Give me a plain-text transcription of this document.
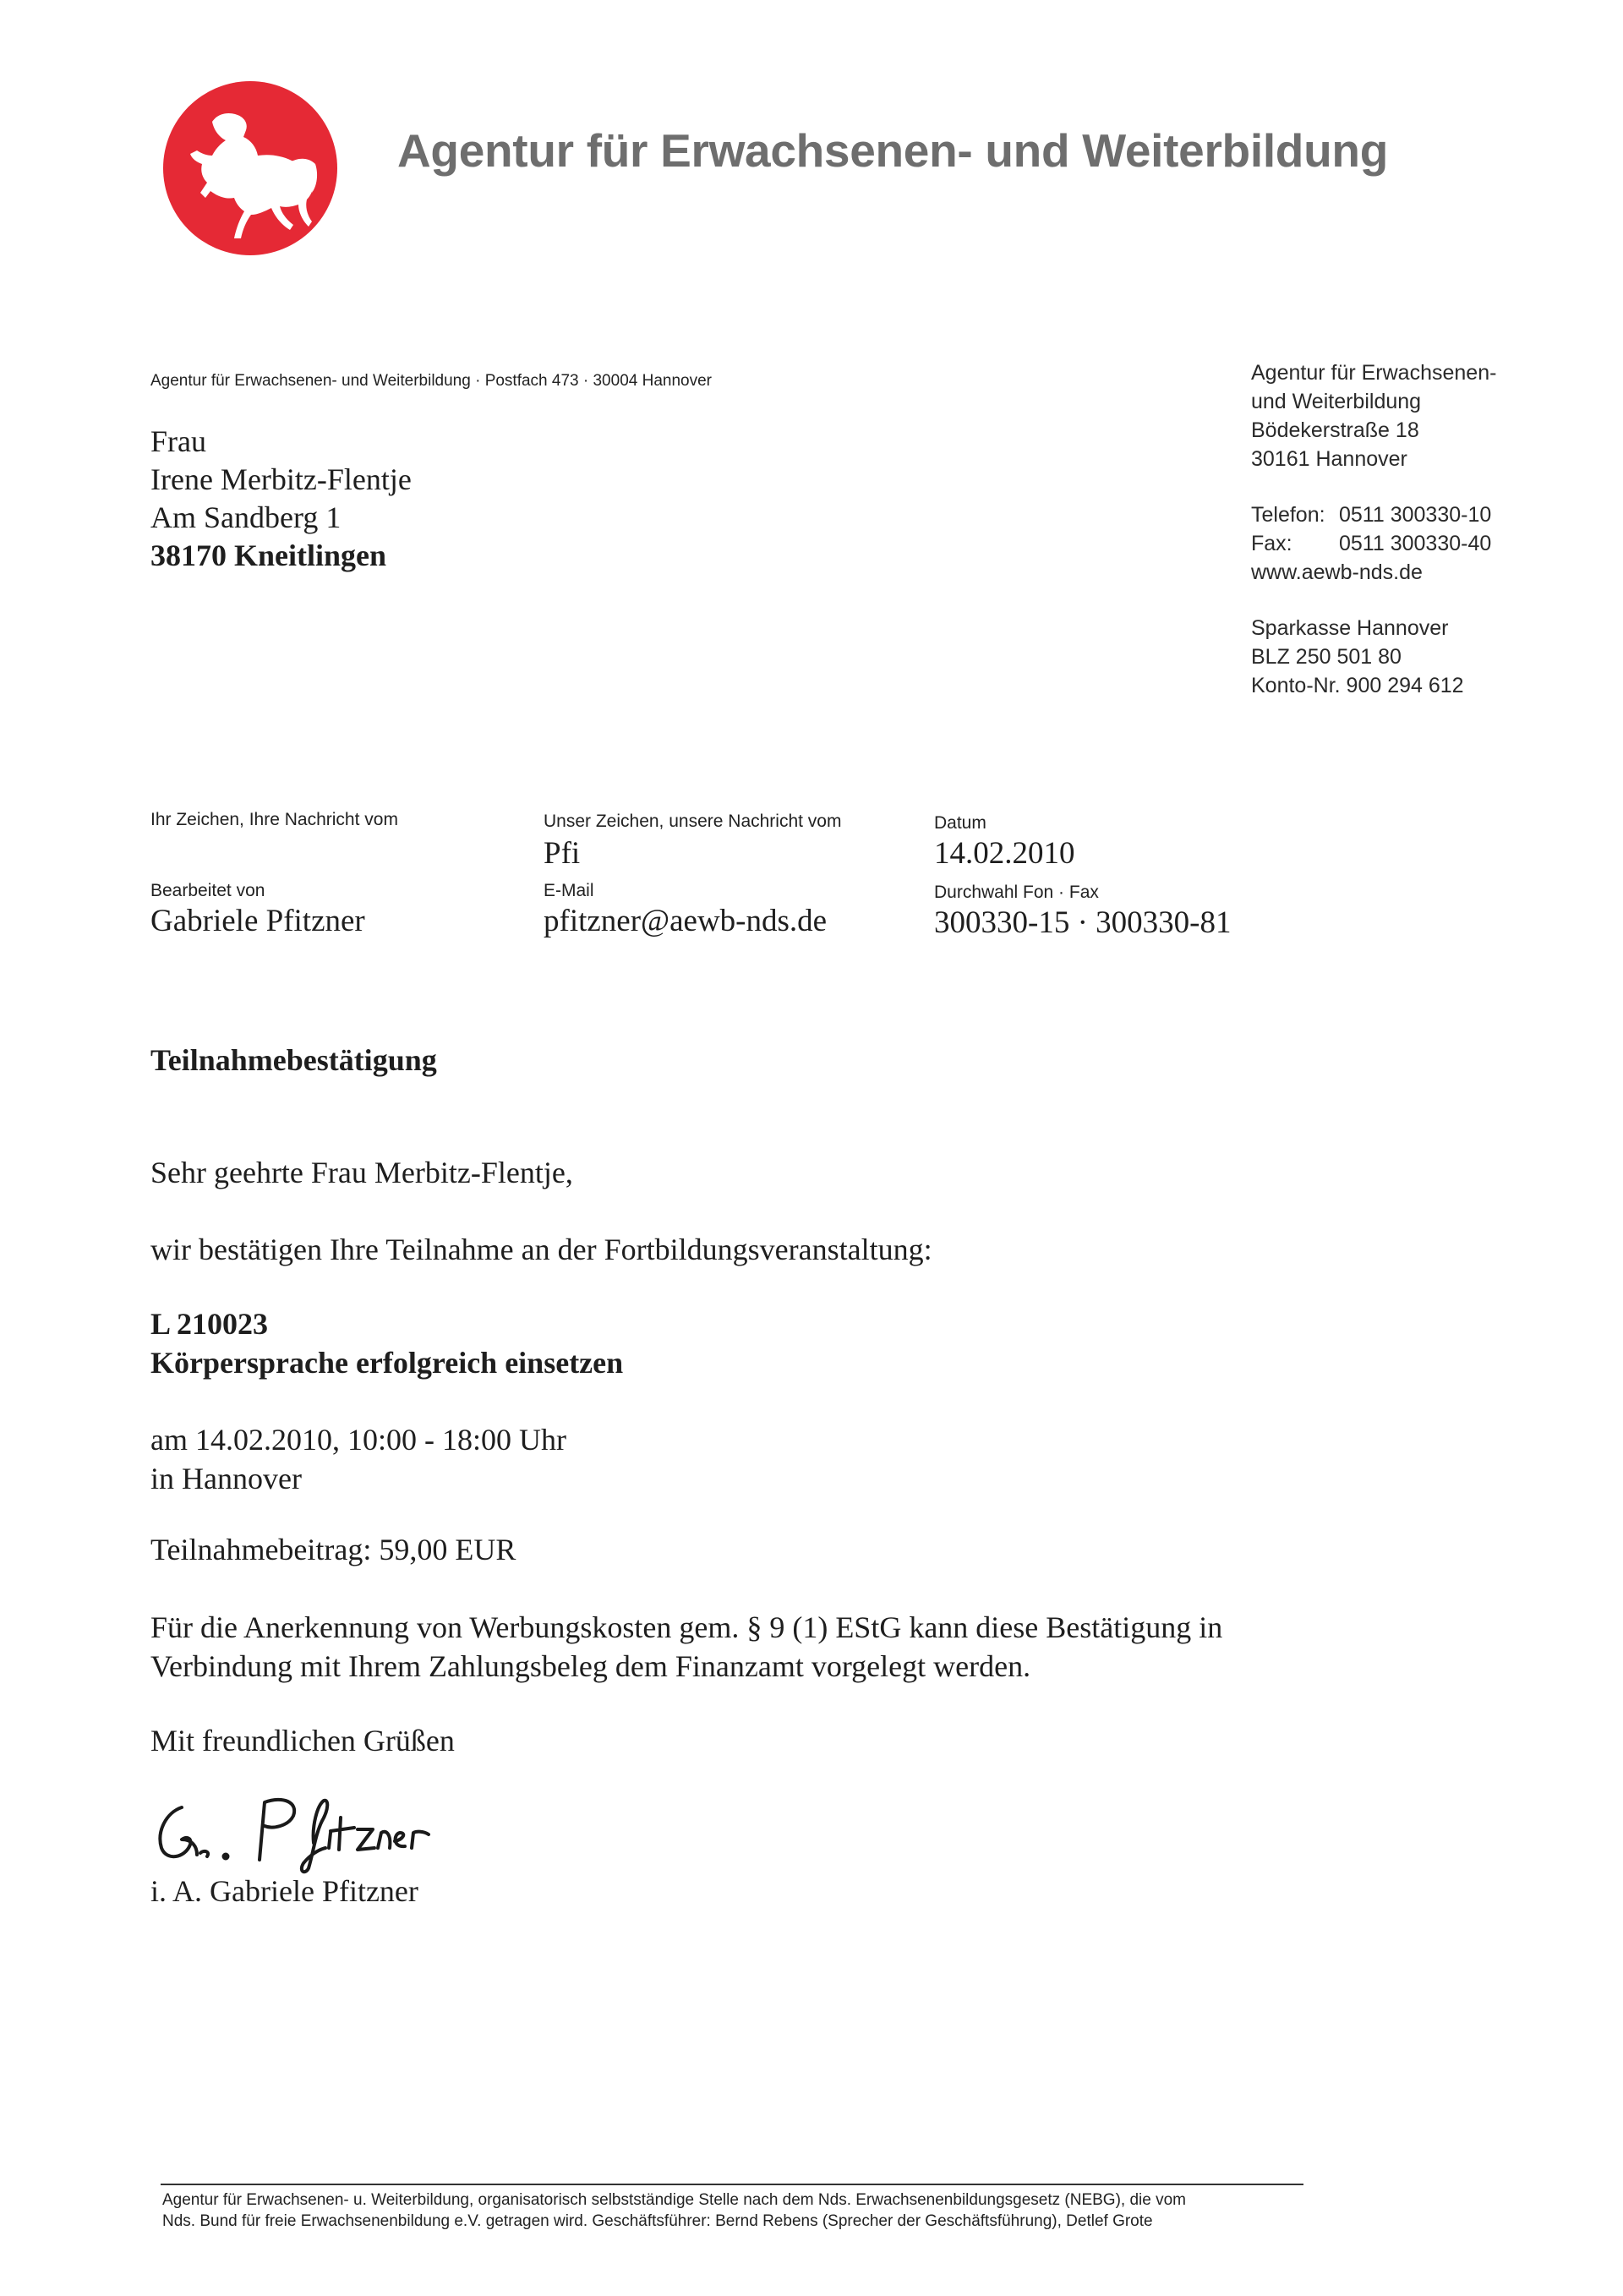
Agentur für Erwachsenen- und Weiterbildung
Agentur für Erwachsenen- und Weiterbildung · Postfach 473 · 30004 Hannover
Frau
Irene Merbitz-Flentje
Am Sandberg 1
38170 Kneitlingen
Agentur für Erwachsenen-
und Weiterbildung
Bödekerstraße 18
30161 Hannover
Telefon: 0511 300330-10
Fax: 0511 300330-40
www.aewb-nds.de
Sparkasse Hannover
BLZ 250 501 80
Konto-Nr. 900 294 612
Ihr Zeichen, Ihre Nachricht vom	Unser Zeichen, unsere Nachricht vom
Pfi
Datum
14.02.2010
Bearbeitet von
Gabriele Pfitzner
E-Mail
pfitzner@aewb-nds.de
Durchwahl Fon · Fax
300330-15 · 300330-81
Teilnahmebestätigung
Sehr geehrte Frau Merbitz-Flentje,
wir bestätigen Ihre Teilnahme an der Fortbildungsveranstaltung:
L 210023
Körpersprache erfolgreich einsetzen
am 14.02.2010, 10:00 - 18:00 Uhr
in Hannover
Teilnahmebeitrag: 59,00 EUR
Für die Anerkennung von Werbungskosten gem. § 9 (1) EStG kann diese Bestätigung in
Verbindung mit Ihrem Zahlungsbeleg dem Finanzamt vorgelegt werden.
Mit freundlichen Grüßen
i. A. Gabriele Pfitzner
Agentur für Erwachsenen- u. Weiterbildung, organisatorisch selbstständige Stelle nach dem Nds. Erwachsenenbildungsgesetz (NEBG), die vom
Nds. Bund für freie Erwachsenenbildung e.V. getragen wird. Geschäftsführer: Bernd Rebens (Sprecher der Geschäftsführung), Detlef Grote
